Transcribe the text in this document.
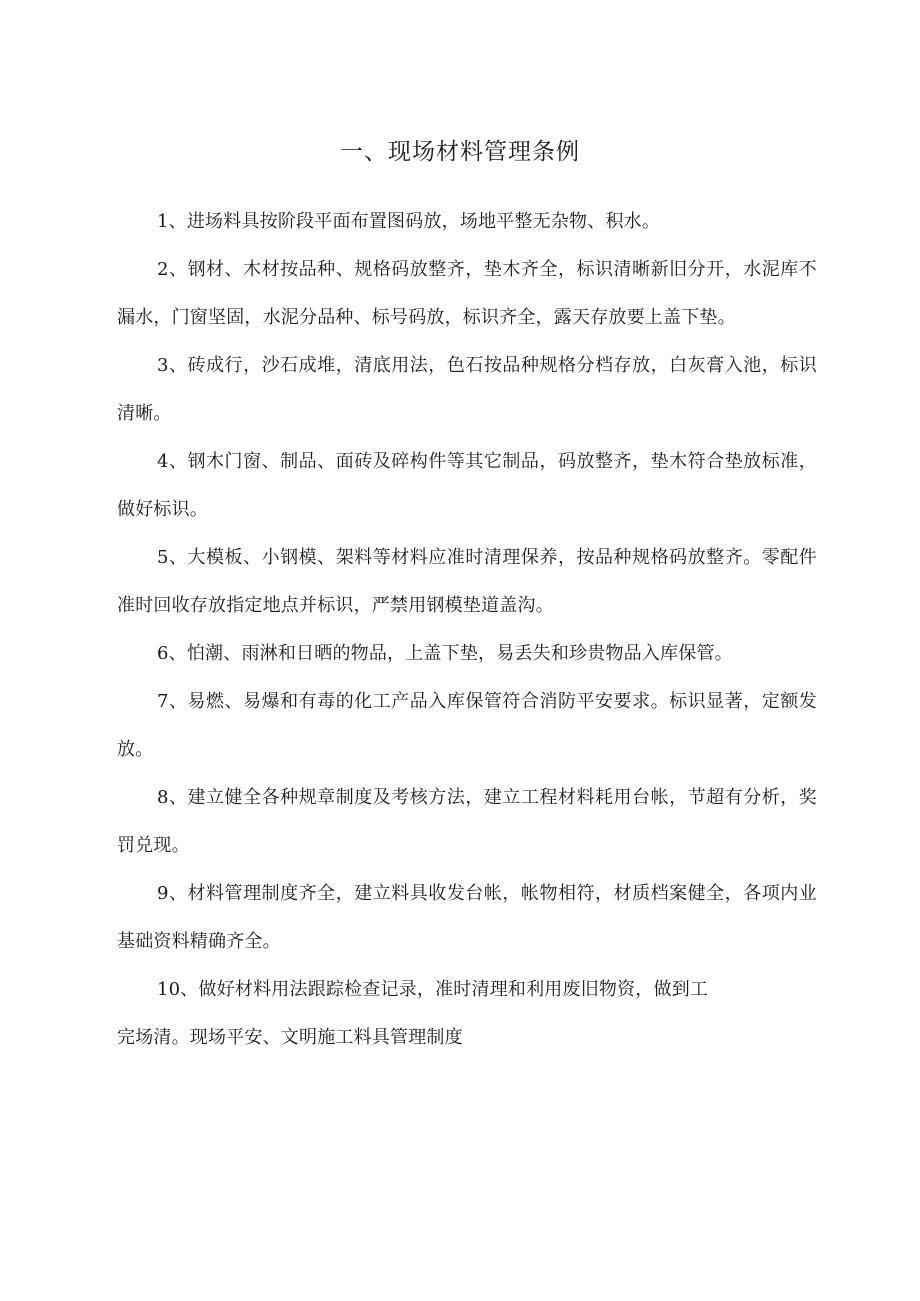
一、现场材料管理条例

1、进场料具按阶段平面布置图码放，场地平整无杂物、积水。

2、钢材、木材按品种、规格码放整齐，垫木齐全，标识清晰新旧分开，水泥库不漏水，门窗坚固，水泥分品种、标号码放，标识齐全，露天存放要上盖下垫。

3、砖成行，沙石成堆，清底用法，色石按品种规格分档存放，白灰膏入池，标识清晰。

4、钢木门窗、制品、面砖及碎构件等其它制品，码放整齐，垫木符合垫放标准，做好标识。

5、大模板、小钢模、架料等材料应准时清理保养，按品种规格码放整齐。零配件准时回收存放指定地点并标识，严禁用钢模垫道盖沟。

6、怕潮、雨淋和日晒的物品，上盖下垫，易丢失和珍贵物品入库保管。

7、易燃、易爆和有毒的化工产品入库保管符合消防平安要求。标识显著，定额发放。

8、建立健全各种规章制度及考核方法，建立工程材料耗用台帐，节超有分析，奖罚兑现。

9、材料管理制度齐全，建立料具收发台帐，帐物相符，材质档案健全，各项内业基础资料精确齐全。

10、做好材料用法跟踪检查记录，准时清理和利用废旧物资，做到工

完场清。现场平安、文明施工料具管理制度
